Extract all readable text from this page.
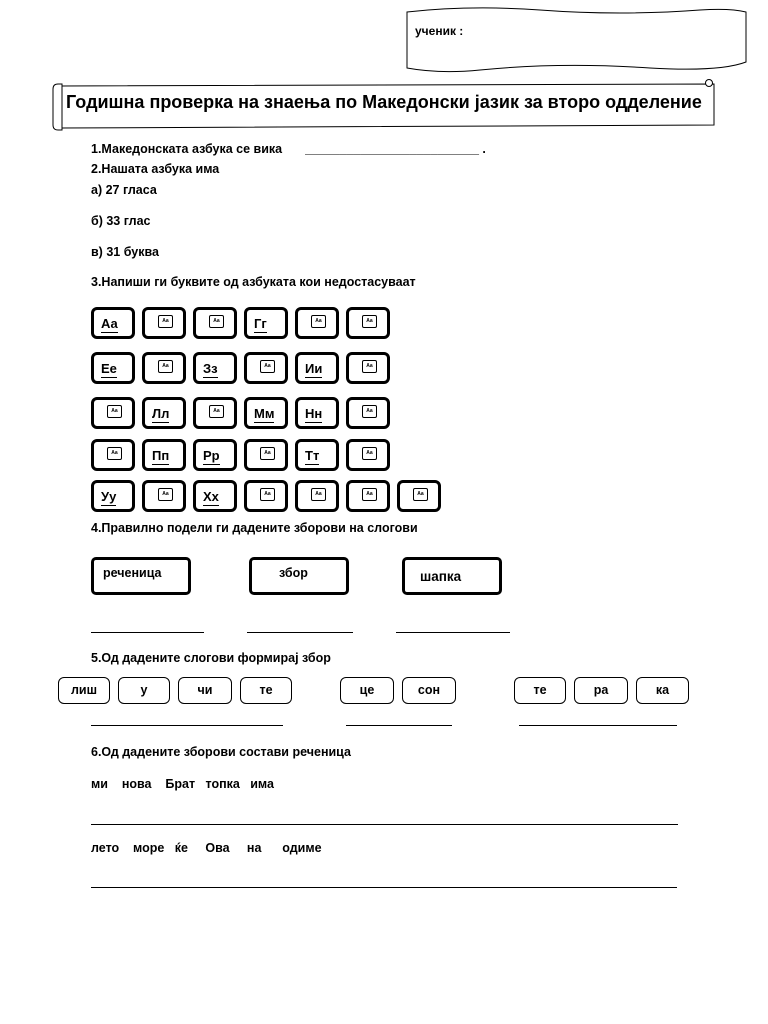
ученик :
Годишна проверка на знаења по Македонски јазик за второ одделение
1.Македонската азбука се вика _________________________ .
2.Нашата азбука има
а) 27 гласа
б) 33 глас
в) 31 буква
3.Напиши ги буквите од азбуката кои недостасуваат
Аа	Aa	Aa	Гг	Aa	Aa
Ее	Aa	Зз	Aa	Ии	Aa
Aa	Лл	Aa	Мм Нн	Aa
Aa	Пп	Рр	Aa	Тт	Aa
Уу	Aa	Хх	Aa	Aa	Aa	Aa
4.Правилно подели ги дадените зборови на слогови
реченица	збор	шапка
5.Од дадените слогови формирај збор
лиш	у	чи	те	це	сон	те	ра	ка
6.Од дадените зборови состави реченица
ми    нова    Брат   топка   има
лето    море   ќе     Ова     на      одиме
